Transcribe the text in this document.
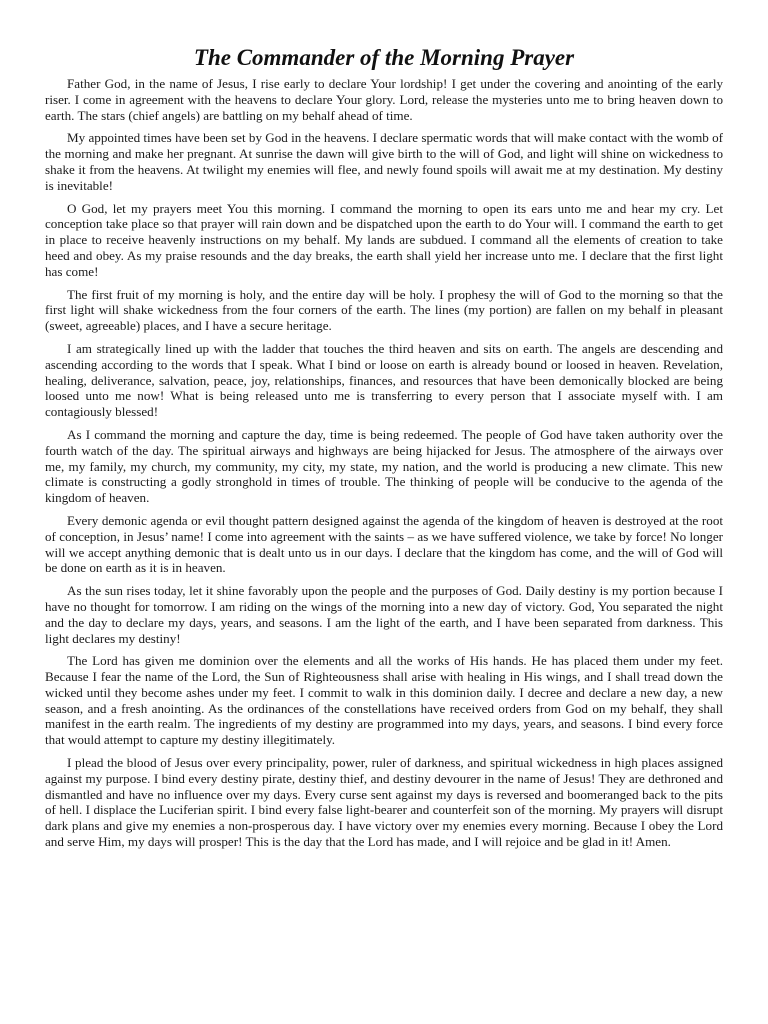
The Commander of the Morning Prayer

Father God, in the name of Jesus, I rise early to declare Your lordship! I get under the covering and anointing of the early riser. I come in agreement with the heavens to declare Your glory. Lord, release the mysteries unto me to bring heaven down to earth. The stars (chief angels) are battling on my behalf ahead of time.

My appointed times have been set by God in the heavens. I declare spermatic words that will make contact with the womb of the morning and make her pregnant. At sunrise the dawn will give birth to the will of God, and light will shine on wickedness to shake it from the heavens. At twilight my enemies will flee, and newly found spoils will await me at my destination. My destiny is inevitable!

O God, let my prayers meet You this morning. I command the morning to open its ears unto me and hear my cry. Let conception take place so that prayer will rain down and be dispatched upon the earth to do Your will. I command the earth to get in place to receive heavenly instructions on my behalf. My lands are subdued. I command all the elements of creation to take heed and obey. As my praise resounds and the day breaks, the earth shall yield her increase unto me. I declare that the first light has come!

The first fruit of my morning is holy, and the entire day will be holy. I prophesy the will of God to the morning so that the first light will shake wickedness from the four corners of the earth. The lines (my portion) are fallen on my behalf in pleasant (sweet, agreeable) places, and I have a secure heritage.

I am strategically lined up with the ladder that touches the third heaven and sits on earth. The angels are descending and ascending according to the words that I speak. What I bind or loose on earth is already bound or loosed in heaven. Revelation, healing, deliverance, salvation, peace, joy, relationships, finances, and resources that have been demonically blocked are being loosed unto me now! What is being released unto me is transferring to every person that I associate myself with. I am contagiously blessed!

As I command the morning and capture the day, time is being redeemed. The people of God have taken authority over the fourth watch of the day. The spiritual airways and highways are being hijacked for Jesus. The atmosphere of the airways over me, my family, my church, my community, my city, my state, my nation, and the world is producing a new climate. This new climate is constructing a godly stronghold in times of trouble. The thinking of people will be conducive to the agenda of the kingdom of heaven.

Every demonic agenda or evil thought pattern designed against the agenda of the kingdom of heaven is destroyed at the root of conception, in Jesus’ name! I come into agreement with the saints – as we have suffered violence, we take by force! No longer will we accept anything demonic that is dealt unto us in our days. I declare that the kingdom has come, and the will of God will be done on earth as it is in heaven.

As the sun rises today, let it shine favorably upon the people and the purposes of God. Daily destiny is my portion because I have no thought for tomorrow. I am riding on the wings of the morning into a new day of victory. God, You separated the night and the day to declare my days, years, and seasons. I am the light of the earth, and I have been separated from darkness. This light declares my destiny!

The Lord has given me dominion over the elements and all the works of His hands. He has placed them under my feet. Because I fear the name of the Lord, the Sun of Righteousness shall arise with healing in His wings, and I shall tread down the wicked until they become ashes under my feet. I commit to walk in this dominion daily. I decree and declare a new day, a new season, and a fresh anointing. As the ordinances of the constellations have received orders from God on my behalf, they shall manifest in the earth realm. The ingredients of my destiny are programmed into my days, years, and seasons. I bind every force that would attempt to capture my destiny illegitimately.

I plead the blood of Jesus over every principality, power, ruler of darkness, and spiritual wickedness in high places assigned against my purpose. I bind every destiny pirate, destiny thief, and destiny devourer in the name of Jesus! They are dethroned and dismantled and have no influence over my days. Every curse sent against my days is reversed and boomeranged back to the pits of hell. I displace the Luciferian spirit. I bind every false light-bearer and counterfeit son of the morning. My prayers will disrupt dark plans and give my enemies a non-prosperous day. I have victory over my enemies every morning. Because I obey the Lord and serve Him, my days will prosper! This is the day that the Lord has made, and I will rejoice and be glad in it! Amen.
